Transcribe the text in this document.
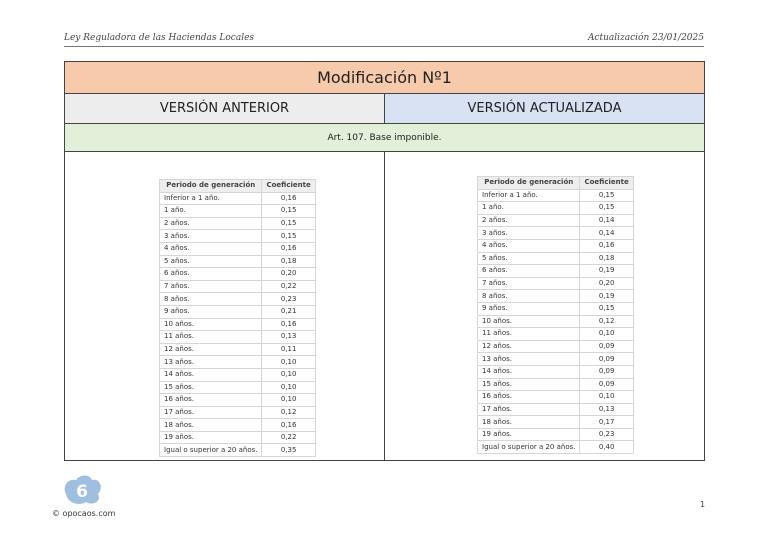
Ley Reguladora de las Haciendas Locales	Actualización 23/01/2025
Modificación Nº1
VERSIÓN ANTERIOR	VERSIÓN ACTUALIZADA
Art. 107. Base imponible.
Periodo de generación	Coeficiente
Inferior a 1 año.	0,16
1 año.	0,15
2 años.	0,15
3 años.	0,15
4 años.	0,16
5 años.	0,18
6 años.	0,20
7 años.	0,22
8 años.	0,23
9 años.	0,21
10 años.	0,16
11 años.	0,13
12 años.	0,11
13 años.	0,10
14 años.	0,10
15 años.	0,10
16 años.	0,10
17 años.	0,12
18 años.	0,16
19 años.	0,22
Igual o superior a 20 años.	0,35
Periodo de generación	Coeficiente
Inferior a 1 año.	0,15
1 año.	0,15
2 años.	0,14
3 años.	0,14
4 años.	0,16
5 años.	0,18
6 años.	0,19
7 años.	0,20
8 años.	0,19
9 años.	0,15
10 años.	0,12
11 años.	0,10
12 años.	0,09
13 años.	0,09
14 años.	0,09
15 años.	0,09
16 años.	0,10
17 años.	0,13
18 años.	0,17
19 años.	0,23
Igual o superior a 20 años.	0,40
6
© opocaos.com
1
